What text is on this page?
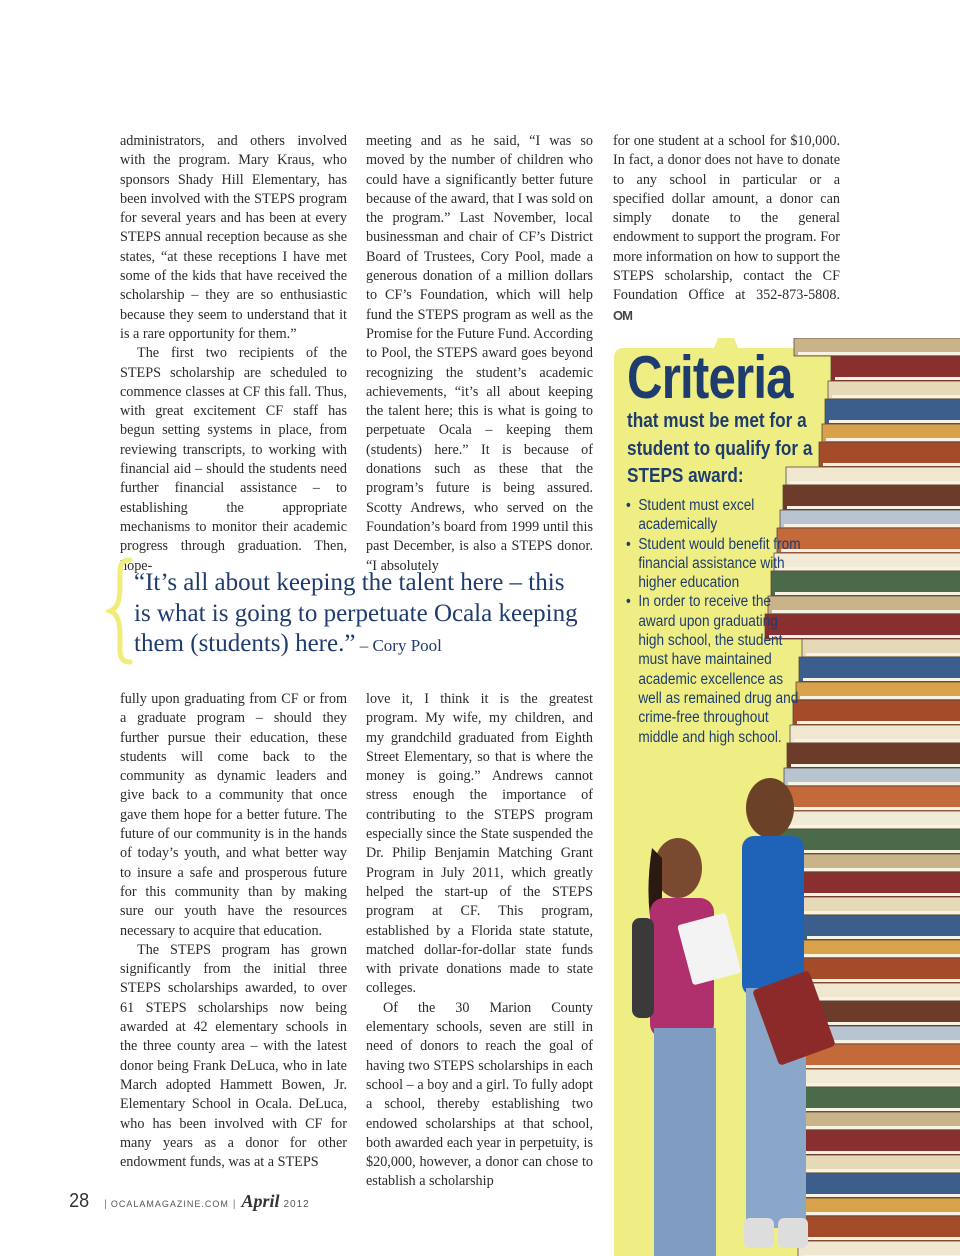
administrators, and others involved with the program. Mary Kraus, who sponsors Shady Hill Elementary, has been involved with the STEPS program for several years and has been at every STEPS annual reception because as she states, “at these receptions I have met some of the kids that have received the scholarship – they are so enthusiastic because they seem to understand that it is a rare opportunity for them.”

The first two recipients of the STEPS scholarship are scheduled to commence classes at CF this fall. Thus, with great excitement CF staff has begun setting systems in place, from reviewing transcripts, to working with financial aid – should the students need further financial assistance – to establishing the appropriate mechanisms to monitor their academic progress through graduation. Then, hope-

meeting and as he said, “I was so moved by the number of children who could have a significantly better future because of the award, that I was sold on the program.” Last November, local businessman and chair of CF’s District Board of Trustees, Cory Pool, made a generous donation of a million dollars to CF’s Foundation, which will help fund the STEPS program as well as the Promise for the Future Fund. According to Pool, the STEPS award goes beyond recognizing the student’s academic achievements, “it’s all about keeping the talent here; this is what is going to perpetuate Ocala – keeping them (students) here.” It is because of donations such as these that the program’s future is being assured. Scotty Andrews, who served on the Foundation’s board from 1999 until this past December, is also a STEPS donor. “I absolutely

for one student at a school for $10,000. In fact, a donor does not have to donate to any school in particular or a specified dollar amount, a donor can simply donate to the general endowment to support the program. For more information on how to support the STEPS scholarship, contact the CF Foundation Office at 352-873-5808. OM

“It’s all about keeping the talent here – this is what is going to perpetuate Ocala keeping them (students) here.” – Cory Pool

fully upon graduating from CF or from a graduate program – should they further pursue their education, these students will come back to the community as dynamic leaders and give back to a community that once gave them hope for a better future. The future of our community is in the hands of today’s youth, and what better way to insure a safe and prosperous future for this community than by making sure our youth have the resources necessary to acquire that education.

The STEPS program has grown significantly from the initial three STEPS scholarships awarded, to over 61 STEPS scholarships now being awarded at 42 elementary schools in the three county area – with the latest donor being Frank DeLuca, who in late March adopted Hammett Bowen, Jr. Elementary School in Ocala. DeLuca, who has been involved with CF for many years as a donor for other endowment funds, was at a STEPS

love it, I think it is the greatest program. My wife, my children, and my grandchild graduated from Eighth Street Elementary, so that is where the money is going.” Andrews cannot stress enough the importance of contributing to the STEPS program especially since the State suspended the Dr. Philip Benjamin Matching Grant Program in July 2011, which greatly helped the start-up of the STEPS program at CF. This program, established by a Florida state statute, matched dollar-for-dollar state funds with private donations made to state colleges.

Of the 30 Marion County elementary schools, seven are still in need of donors to reach the goal of having two STEPS scholarships in each school – a boy and a girl. To fully adopt a school, thereby establishing two endowed scholarships at that school, both awarded each year in perpetuity, is $20,000, however, a donor can chose to establish a scholarship

Criteria
that must be met for a student to qualify for a STEPS award:
• Student must excel academically
• Student would benefit from financial assistance with higher education
• In order to receive the award upon graduating high school, the student must have maintained academic excellence as well as remained drug and crime-free throughout middle and high school.
28 | OCALAMAGAZINE.COM | April 2012
